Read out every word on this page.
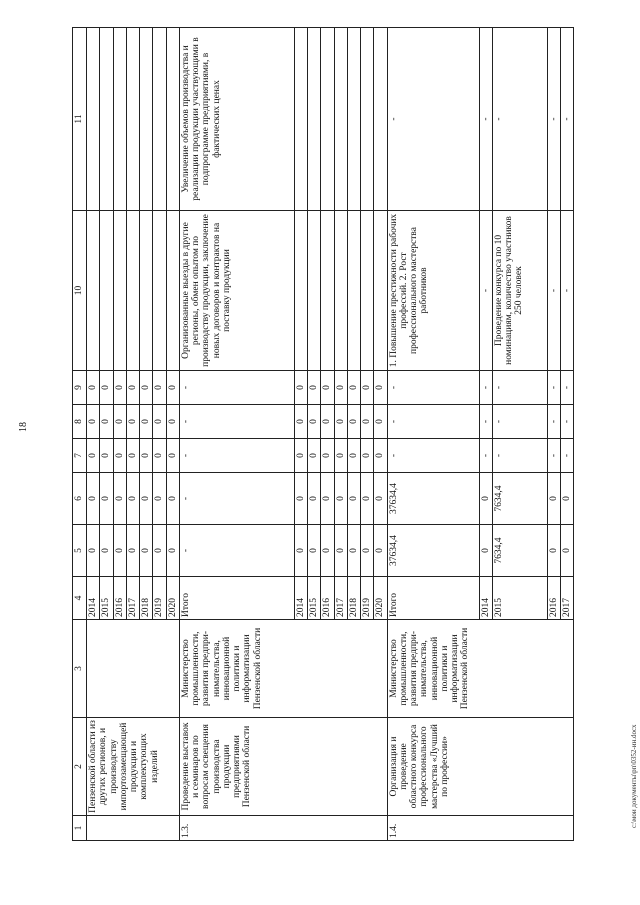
18
1	2	3	4	5	6	7	8	9	10	11
	Пензенской области из других регионов, и производству импортозамещающей продукции и комплектующих изделий		2014	0	0	0	0	0		
			2015	0	0	0	0	0		
			2016	0	0	0	0	0		
			2017	0	0	0	0	0		
			2018	0	0	0	0	0		
			2019	0	0	0	0	0		
			2020	0	0	0	0	0		
1.3.	Проведение выставок и семинаров по вопросам освещения производства продукции предприятиями Пензенской области	Министерство промышленности, развития предпри-нимательства, инновационной политики и информатизации Пензенской области	Итого	-	-	-	-	-	Организованные выезды в другие регионы, обмен опытом по производству продукции, заключение новых договоров и контрактов на поставку продукции	Увеличение объемов производства и реализации продукции участвующими в подпрограмме предприятиями, в фактических ценах
			2014	0	0	0	0	0		
			2015	0	0	0	0	0		
			2016	0	0	0	0	0		
			2017	0	0	0	0	0		
			2018	0	0	0	0	0		
			2019	0	0	0	0	0		
			2020	0	0	0	0	0		
1.4.	Организация и проведение областного конкурса профессионального мастерства «Лучший по профессии»	Министерство промышленности, развития предпри-нимательства, инновационной политики и информатизации Пензенской области	Итого	37634,4	37634,4	-	-	-	1. Повышение престижности рабочих профессий. 2. Рост профессионального мастерства работников	-
			2014	0	0	-	-	-	-	-
			2015	7634,4	7634,4	-	-	-	Проведение конкурса по 10 номинациям, количество участников 250 человек	-
			2016	0	0	-	-	-	-	-
			2017	0	0	-	-	-	-	-
c:\мои документы\рп\0352-ин.docx
